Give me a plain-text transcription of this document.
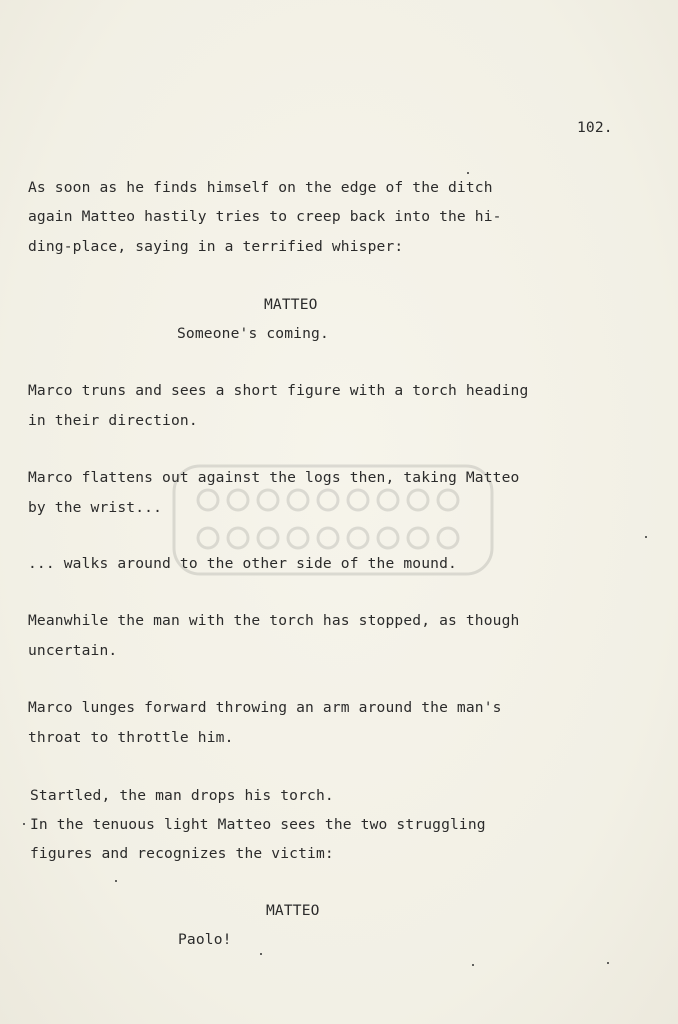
102.
As soon as he finds himself on the edge of the ditch
again Matteo hastily tries to creep back into the hi-
ding-place, saying in a terrified whisper:
MATTEO
Someone's coming.
Marco truns and sees a short figure with a torch heading
in their direction.
Marco flattens out against the logs then, taking Matteo
by the wrist...
... walks around to the other side of the mound.
Meanwhile the man with the torch has stopped, as though
uncertain.
Marco lunges forward throwing an arm around the man's
throat to throttle him.
Startled, the man drops his torch.
In the tenuous light Matteo sees the two struggling
figures and recognizes the victim:
MATTEO
Paolo!
